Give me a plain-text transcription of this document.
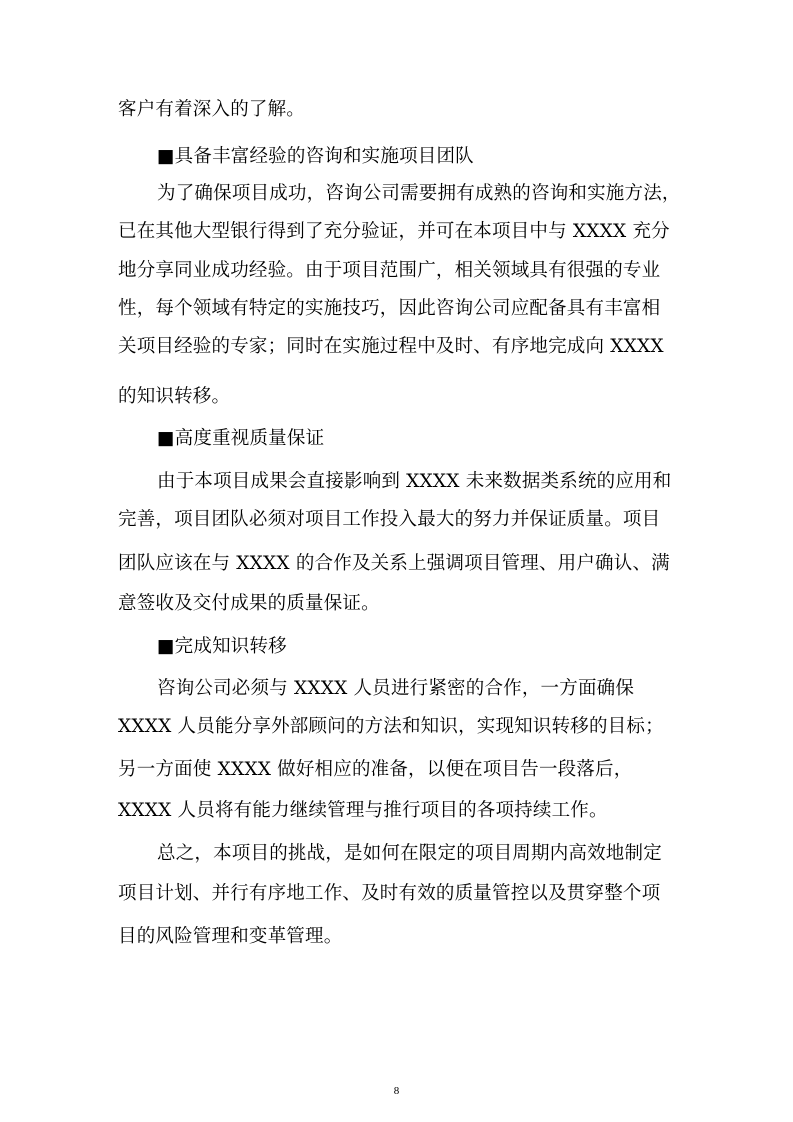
客户有着深入的了解。
■具备丰富经验的咨询和实施项目团队
为了确保项目成功，咨询公司需要拥有成熟的咨询和实施方法，
已在其他大型银行得到了充分验证，并可在本项目中与 XXXX 充分
地分享同业成功经验。由于项目范围广，相关领域具有很强的专业
性，每个领域有特定的实施技巧，因此咨询公司应配备具有丰富相
关项目经验的专家；同时在实施过程中及时、有序地完成向 XXXX
的知识转移。
■高度重视质量保证
由于本项目成果会直接影响到 XXXX 未来数据类系统的应用和
完善，项目团队必须对项目工作投入最大的努力并保证质量。项目
团队应该在与 XXXX 的合作及关系上强调项目管理、用户确认、满
意签收及交付成果的质量保证。
■完成知识转移
咨询公司必须与 XXXX 人员进行紧密的合作，一方面确保
XXXX 人员能分享外部顾问的方法和知识，实现知识转移的目标；
另一方面使 XXXX 做好相应的准备，以便在项目告一段落后，
XXXX 人员将有能力继续管理与推行项目的各项持续工作。
总之，本项目的挑战，是如何在限定的项目周期内高效地制定
项目计划、并行有序地工作、及时有效的质量管控以及贯穿整个项
目的风险管理和变革管理。
8
